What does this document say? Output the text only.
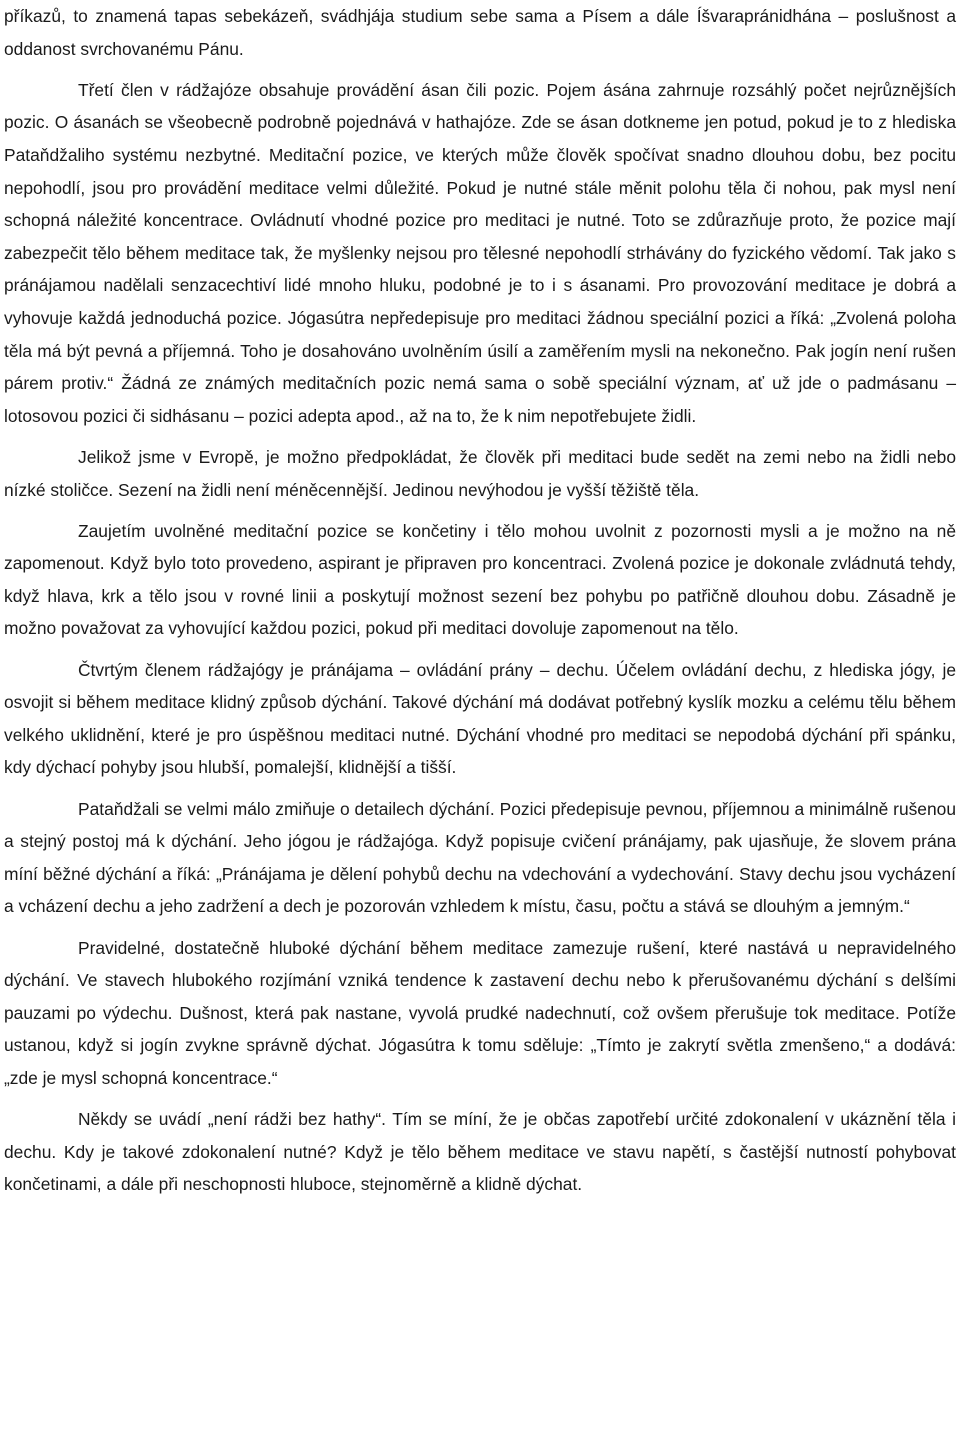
příkazů, to znamená tapas sebekázeň, svádhjája studium sebe sama a Písem a dále Íšvarapránidhána – poslušnost a oddanost svrchovanému Pánu.

Třetí člen v rádžajóze obsahuje provádění ásan čili pozic. Pojem ásána zahrnuje rozsáhlý počet nejrůznějších pozic. O ásanách se všeobecně podrobně pojednává v hathajóze. Zde se ásan dotkneme jen potud, pokud je to z hlediska Pataňdžaliho systému nezbytné. Meditační pozice, ve kterých může člověk spočívat snadno dlouhou dobu, bez pocitu nepohodlí, jsou pro provádění meditace velmi důležité. Pokud je nutné stále měnit polohu těla či nohou, pak mysl není schopná náležité koncentrace. Ovládnutí vhodné pozice pro meditaci je nutné. Toto se zdůrazňuje proto, že pozice mají zabezpečit tělo během meditace tak, že myšlenky nejsou pro tělesné nepohodlí strhávány do fyzického vědomí. Tak jako s pránájamou nadělali senzacechtiví lidé mnoho hluku, podobné je to i s ásanami. Pro provozování meditace je dobrá a vyhovuje každá jednoduchá pozice. Jógasútra nepředepisuje pro meditaci žádnou speciální pozici a říká: „Zvolená poloha těla má být pevná a příjemná. Toho je dosahováno uvolněním úsilí a zaměřením mysli na nekonečno. Pak jogín není rušen párem protiv.“ Žádná ze známých meditačních pozic nemá sama o sobě speciální význam, ať už jde o padmásanu – lotosovou pozici či sidhásanu – pozici adepta apod., až na to, že k nim nepotřebujete židli.

Jelikož jsme v Evropě, je možno předpokládat, že člověk při meditaci bude sedět na zemi nebo na židli nebo nízké stoličce. Sezení na židli není méněcennější. Jedinou nevýhodou je vyšší těžiště těla.

Zaujetím uvolněné meditační pozice se končetiny i tělo mohou uvolnit z pozornosti mysli a je možno na ně zapomenout. Když bylo toto provedeno, aspirant je připraven pro koncentraci. Zvolená pozice je dokonale zvládnutá tehdy, když hlava, krk a tělo jsou v rovné linii a poskytují možnost sezení bez pohybu po patřičně dlouhou dobu. Zásadně je možno považovat za vyhovující každou pozici, pokud při meditaci dovoluje zapomenout na tělo.

Čtvrtým členem rádžajógy je pránájama – ovládání prány – dechu. Účelem ovládání dechu, z hlediska jógy, je osvojit si během meditace klidný způsob dýchání. Takové dýchání má dodávat potřebný kyslík mozku a celému tělu během velkého uklidnění, které je pro úspěšnou meditaci nutné. Dýchání vhodné pro meditaci se nepodobá dýchání při spánku, kdy dýchací pohyby jsou hlubší, pomalejší, klidnější a tišší.

Pataňdžali se velmi málo zmiňuje o detailech dýchání. Pozici předepisuje pevnou, příjemnou a minimálně rušenou a stejný postoj má k dýchání. Jeho jógou je rádžajóga. Když popisuje cvičení pránájamy, pak ujasňuje, že slovem prána míní běžné dýchání a říká: „Pránájama je dělení pohybů dechu na vdechování a vydechování. Stavy dechu jsou vycházení a vcházení dechu a jeho zadržení a dech je pozorován vzhledem k místu, času, počtu a stává se dlouhým a jemným.“

Pravidelné, dostatečně hluboké dýchání během meditace zamezuje rušení, které nastává u nepravidelného dýchání. Ve stavech hlubokého rozjímání vzniká tendence k zastavení dechu nebo k přerušovanému dýchání s delšími pauzami po výdechu. Dušnost, která pak nastane, vyvolá prudké nadechnutí, což ovšem přerušuje tok meditace. Potíže ustanou, když si jogín zvykne správně dýchat. Jógasútra k tomu sděluje: „Tímto je zakrytí světla zmenšeno,“ a dodává: „zde je mysl schopná koncentrace.“

Někdy se uvádí „není rádži bez hathy“. Tím se míní, že je občas zapotřebí určité zdokonalení v ukáznění těla i dechu. Kdy je takové zdokonalení nutné? Když je tělo během meditace ve stavu napětí, s častější nutností pohybovat končetinami, a dále při neschopnosti hluboce, stejnoměrně a klidně dýchat.
